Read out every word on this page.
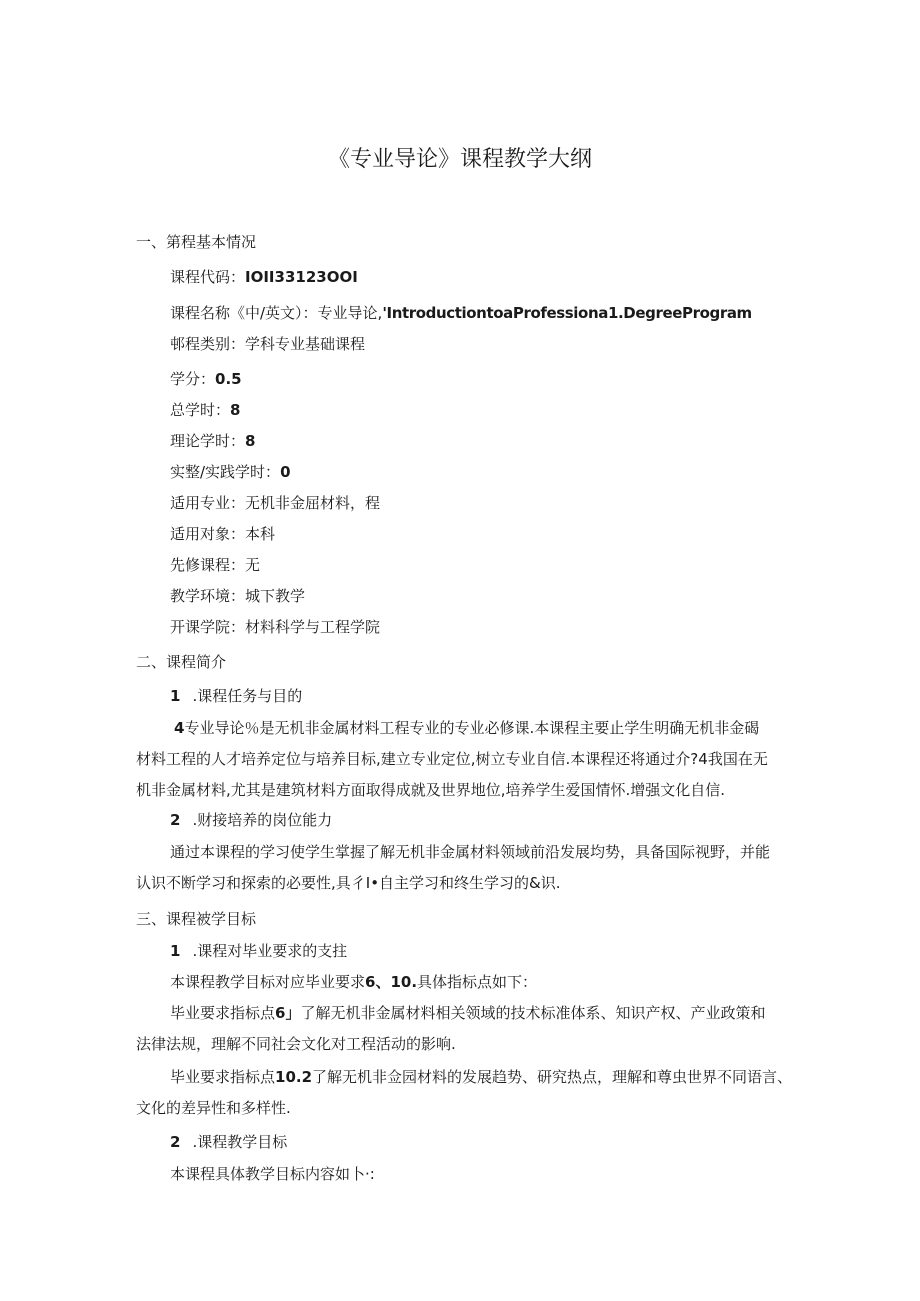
《专业导论》课程教学大纲
一、第程基本情况
课程代码：IOII33123OOI
课程名称《中/英文）：专业导论,'IntroductiontoaProfessiona1.DegreeProgram
邨程类别：学科专业基础课程
学分：0.5
总学时：8
理论学时：8
实整/实践学时：0
适用专业：无机非金屈材料，程
适用对象：本科
先修课程：无
教学环境：城下教学
开课学院：材料科学与工程学院
二、课程简介
1 .课程任务与目的
4专业导论％是无机非金属材料工程专业的专业必修课.本课程主要止学生明确无机非金碣
材料工程的人才培养定位与培养目标,建立专业定位,树立专业自信.本课程还将通过介?4我国在无
机非金属材料,尤其是建筑材料方面取得成就及世界地位,培养学生爱国情怀.增强文化自信.
2 .财接培养的岗位能力
通过本课程的学习使学生掌握了解无机非金属材料领域前沿发展均势，具备国际视野，并能
认识不断学习和探索的必要性,具彳I•自主学习和终生学习的&识.
三、课程被学目标
1 .课程对毕业要求的支拄
本课程教学目标对应毕业要求6、10.具体指标点如下：
毕业要求指标点6」了解无机非金属材料相关领域的技术标准体系、知识产权、产业政策和
法律法规，理解不同社会文化对工程活动的影响.
毕业要求指标点10.2了解无机非佥园材料的发展趋势、研究热点，理解和尊虫世界不同语言、
文化的差异性和多样性.
2 .课程教学目标
本课程具体教学目标内容如卜·:
